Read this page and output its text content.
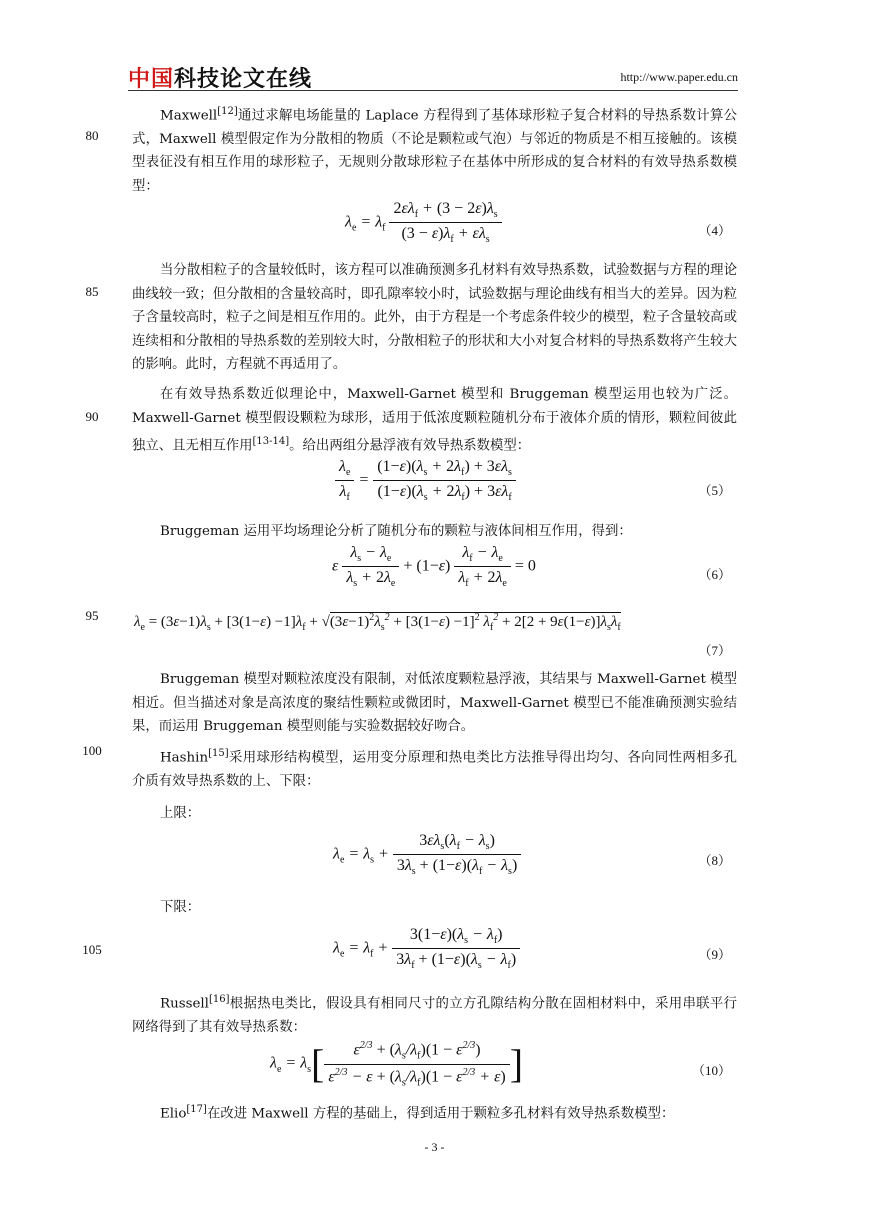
中国科技论文在线	http://www.paper.edu.cn
80
85
90
95
100
105
Maxwell[12]通过求解电场能量的 Laplace 方程得到了基体球形粒子复合材料的导热系数计算公式，Maxwell 模型假定作为分散相的物质（不论是颗粒或气泡）与邻近的物质是不相互接触的。该模型表征没有相互作用的球形粒子，无规则分散球形粒子在基体中所形成的复合材料的有效导热系数模型：
$\lambda_e = \lambda_f \frac{2\varepsilon\lambda_f + (3 - 2\varepsilon)\lambda_s}{(3 - \varepsilon)\lambda_f + \varepsilon\lambda_s}$	（4）
当分散相粒子的含量较低时，该方程可以准确预测多孔材料有效导热系数，试验数据与方程的理论曲线较一致；但分散相的含量较高时，即孔隙率较小时，试验数据与理论曲线有相当大的差异。因为粒子含量较高时，粒子之间是相互作用的。此外，由于方程是一个考虑条件较少的模型，粒子含量较高或连续相和分散相的导热系数的差别较大时，分散相粒子的形状和大小对复合材料的导热系数将产生较大的影响。此时，方程就不再适用了。
在有效导热系数近似理论中，Maxwell-Garnet 模型和 Bruggeman 模型运用也较为广泛。Maxwell-Garnet 模型假设颗粒为球形，适用于低浓度颗粒随机分布于液体介质的情形，颗粒间彼此独立、且无相互作用[13-14]。给出两组分悬浮液有效导热系数模型：
$\frac{\lambda_e}{\lambda_f} = \frac{(1-\varepsilon)(\lambda_s + 2\lambda_f) + 3\varepsilon\lambda_s}{(1-\varepsilon)(\lambda_s + 2\lambda_f) + 3\varepsilon\lambda_f}$	（5）
Bruggeman 运用平均场理论分析了随机分布的颗粒与液体间相互作用，得到：
ε $\frac{\lambda_s - \lambda_e}{\lambda_s + 2\lambda_e} + (1-\varepsilon) \frac{\lambda_f - \lambda_e}{\lambda_f + 2\lambda_e} = 0$
（6）
$\lambda_e = (3\varepsilon-1)\lambda_s + [3(1-\varepsilon) -1]\lambda_f + √(3\varepsilon-1)^2\lambda_s^2 + [3(1-\varepsilon) -1]^2$ $\lambda_f^2 + 2[2 + 9\varepsilon(1-\varepsilon)]\lambda_s\lambda_f$
（7）
Bruggeman 模型对颗粒浓度没有限制，对低浓度颗粒悬浮液，其结果与 Maxwell-Garnet 模型相近。但当描述对象是高浓度的聚结性颗粒或微团时，Maxwell-Garnet 模型已不能准确预测实验结果，而运用 Bruggeman 模型则能与实验数据较好吻合。
Hashin[15]采用球形结构模型，运用变分原理和热电类比方法推导得出均匀、各向同性两相多孔介质有效导热系数的上、下限：
上限：
$\lambda_e = \lambda_s + \frac{3\varepsilon\lambda_s(\lambda_f - \lambda_s)}{3\lambda_s + (1-\varepsilon)(\lambda_f - \lambda_s)}$	（8）
下限：
$\lambda_e = \lambda_f + \frac{3(1-\varepsilon)(\lambda_s - \lambda_f)}{3\lambda_f + (1-\varepsilon)(\lambda_s - \lambda_f)}$	（9）
Russell[16]根据热电类比，假设具有相同尺寸的立方孔隙结构分散在固相材料中，采用串联平行网络得到了其有效导热系数：
$\lambda_e = \lambda_s[ \frac{\varepsilon^{2/3} + (\lambda_s/\lambda_f)(1 - \varepsilon^{2/3})}{\varepsilon^{2/3} - \varepsilon + (\lambda_s/\lambda_f)(1 - \varepsilon^{2/3} + \varepsilon)}$ ]	（10）
Elio[17]在改进 Maxwell 方程的基础上，得到适用于颗粒多孔材料有效导热系数模型：
- 3 -
